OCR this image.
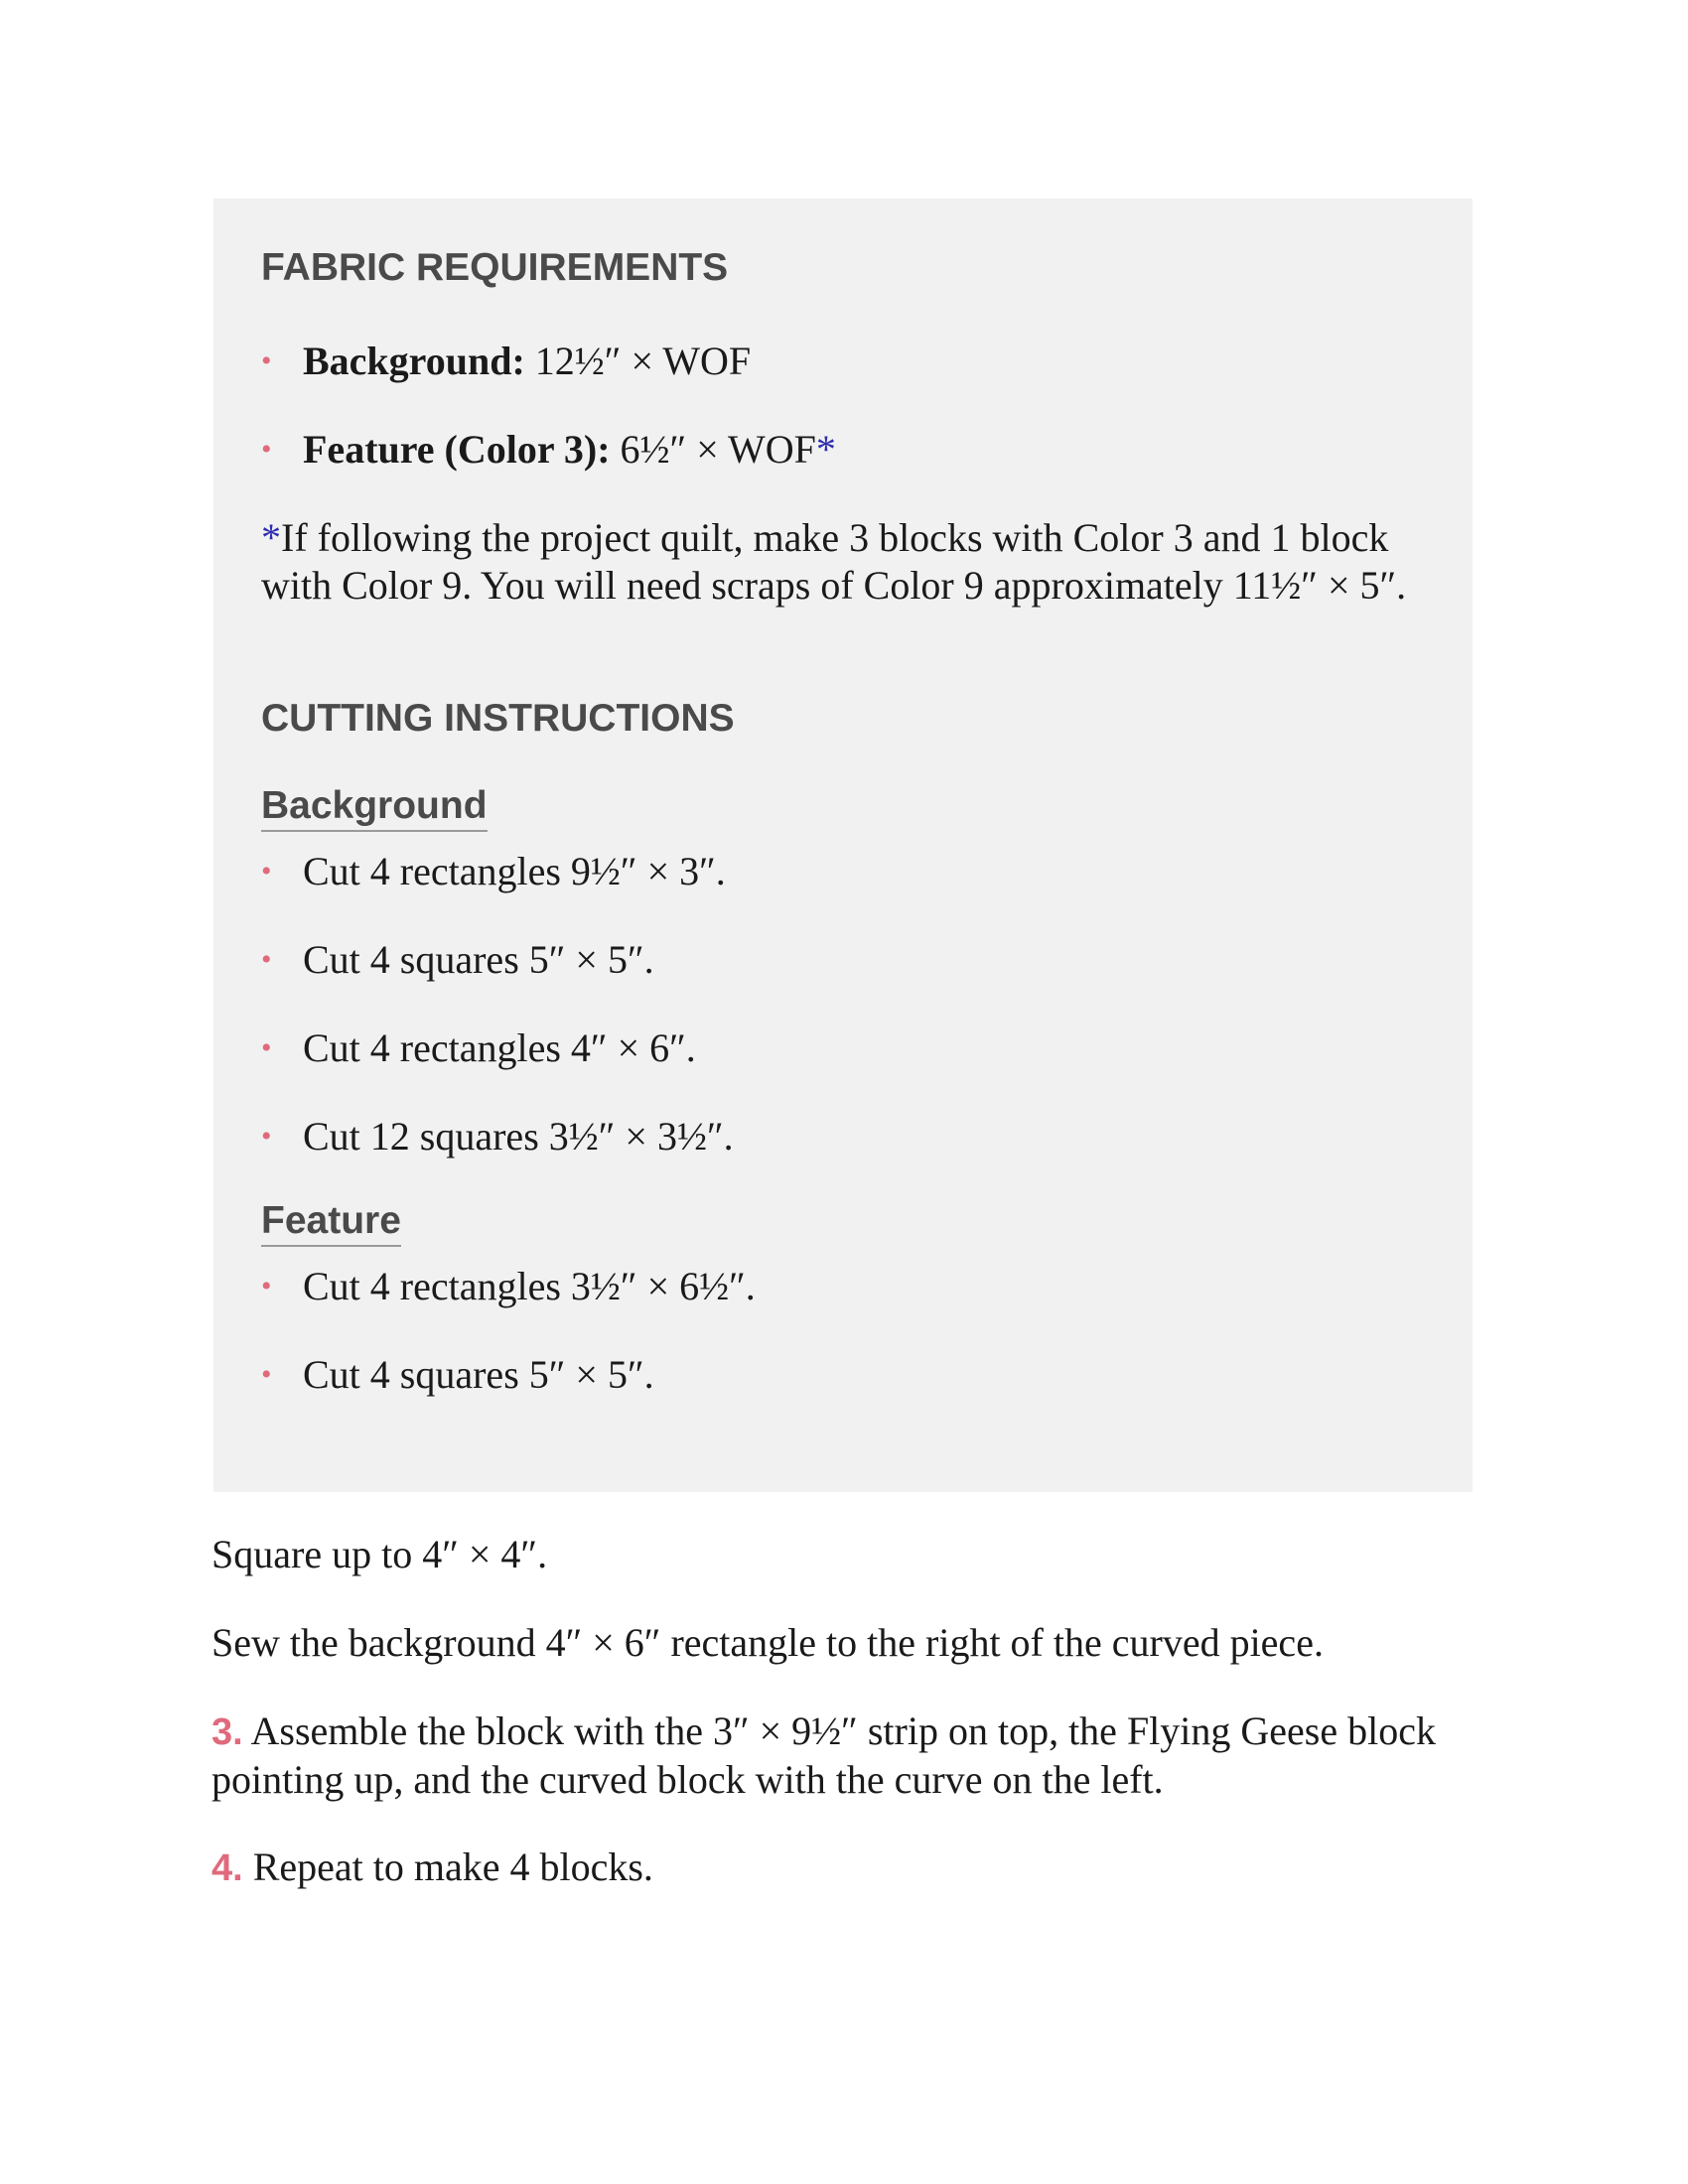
FABRIC REQUIREMENTS
• Background: 12½″ × WOF
• Feature (Color 3): 6½″ × WOF*
*If following the project quilt, make 3 blocks with Color 3 and 1 block with Color 9. You will need scraps of Color 9 approximately 11½″ × 5″.
CUTTING INSTRUCTIONS
Background
• Cut 4 rectangles 9½″ × 3″.
• Cut 4 squares 5″ × 5″.
• Cut 4 rectangles 4″ × 6″.
• Cut 12 squares 3½″ × 3½″.
Feature
• Cut 4 rectangles 3½″ × 6½″.
• Cut 4 squares 5″ × 5″.
Square up to 4″ × 4″.
Sew the background 4″ × 6″ rectangle to the right of the curved piece.
3. Assemble the block with the 3″ × 9½″ strip on top, the Flying Geese block pointing up, and the curved block with the curve on the left.
4. Repeat to make 4 blocks.
